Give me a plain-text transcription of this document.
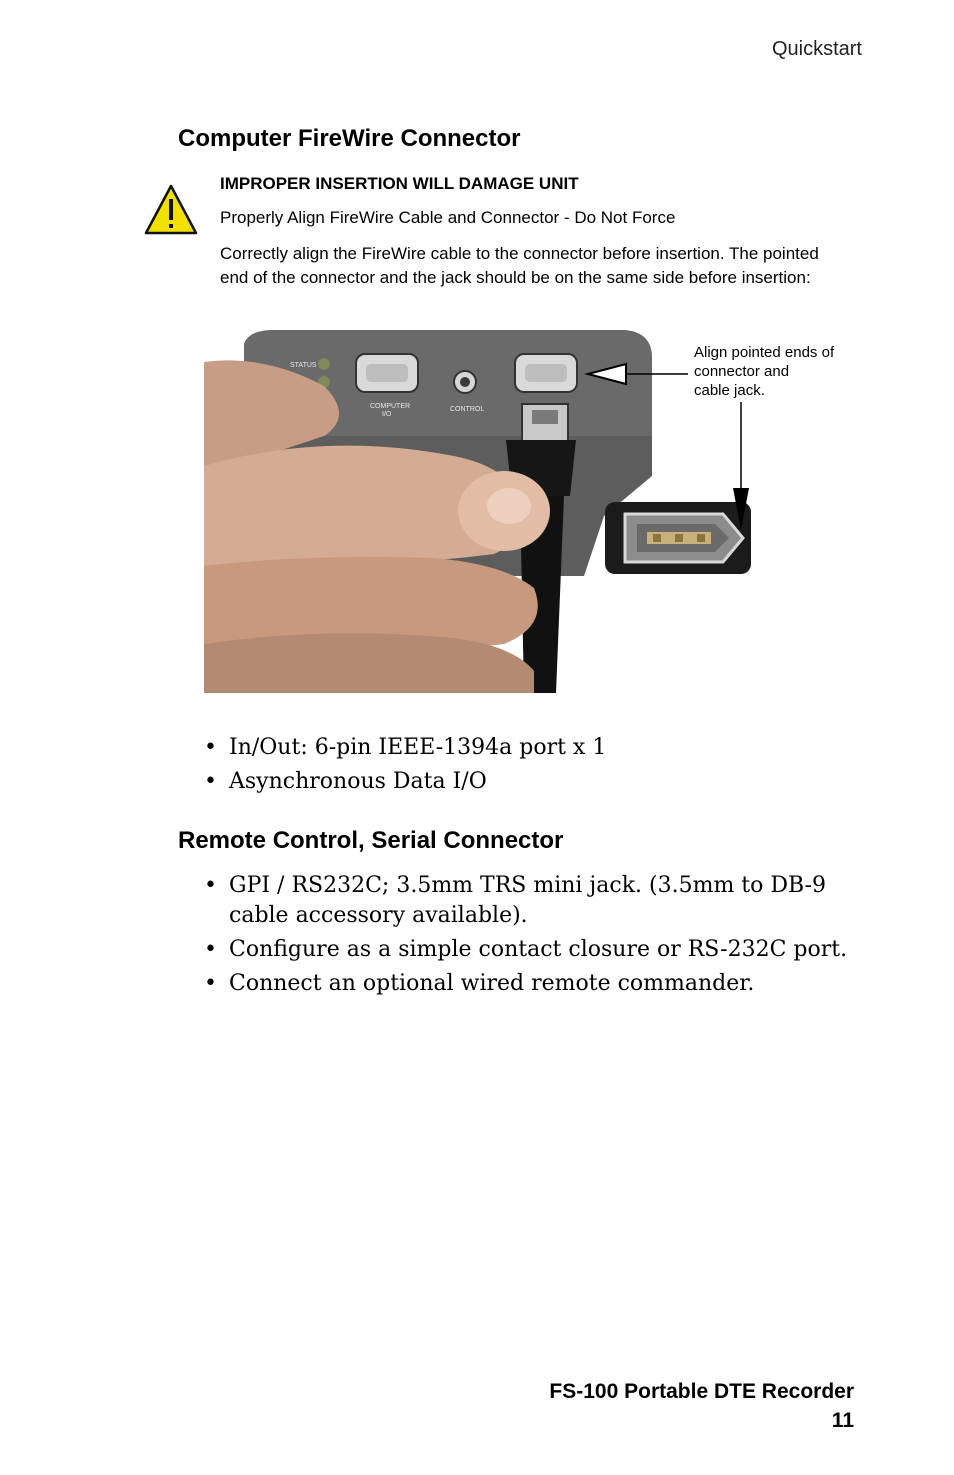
Quickstart
Computer FireWire Connector
IMPROPER INSERTION WILL DAMAGE UNIT
Properly Align FireWire Cable and Connector - Do Not Force
Correctly align the FireWire cable to the connector before insertion. The pointed end of the connector and the jack should be on the same side before insertion:
STATUS
COMPUTER
I/O
CONTROL
Align pointed ends of
connector and
cable jack.
• In/Out: 6-pin IEEE-1394a port x 1
• Asynchronous Data I/O
Remote Control, Serial Connector
• GPI / RS232C; 3.5mm TRS mini jack. (3.5mm to DB-9 cable accessory available).
• Configure as a simple contact closure or RS-232C port.
• Connect an optional wired remote commander.
FS-100 Portable DTE Recorder
11
